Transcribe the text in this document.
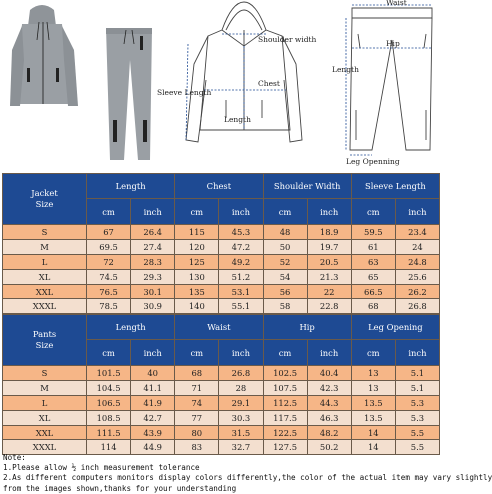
Shoulder width
Sleeve Length
Chest
Length
Waist
Hip
Length
Leg Openning
Jacket
Size	Length		Chest		Shoulder Width		Sleeve Length	
	cm	inch	cm	inch	cm	inch	cm	inch
S	67	26.4	115	45.3	48	18.9	59.5	23.4
M	69.5	27.4	120	47.2	50	19.7	61	24
L	72	28.3	125	49.2	52	20.5	63	24.8
XL	74.5	29.3	130	51.2	54	21.3	65	25.6
XXL	76.5	30.1	135	53.1	56	22	66.5	26.2
XXXL	78.5	30.9	140	55.1	58	22.8	68	26.8
Pants
Size	Length		Waist		Hip		Leg Opening	
	cm	inch	cm	inch	cm	inch	cm	inch
S	101.5	40	68	26.8	102.5	40.4	13	5.1
M	104.5	41.1	71	28	107.5	42.3	13	5.1
L	106.5	41.9	74	29.1	112.5	44.3	13.5	5.3
XL	108.5	42.7	77	30.3	117.5	46.3	13.5	5.3
XXL	111.5	43.9	80	31.5	122.5	48.2	14	5.5
XXXL	114	44.9	83	32.7	127.5	50.2	14	5.5
Note:
1.Please allow ½ inch measurement tolerance
2.As different computers monitors display colors differently,the color of the actual item may vary slightly
from the images shown,thanks for your understanding
